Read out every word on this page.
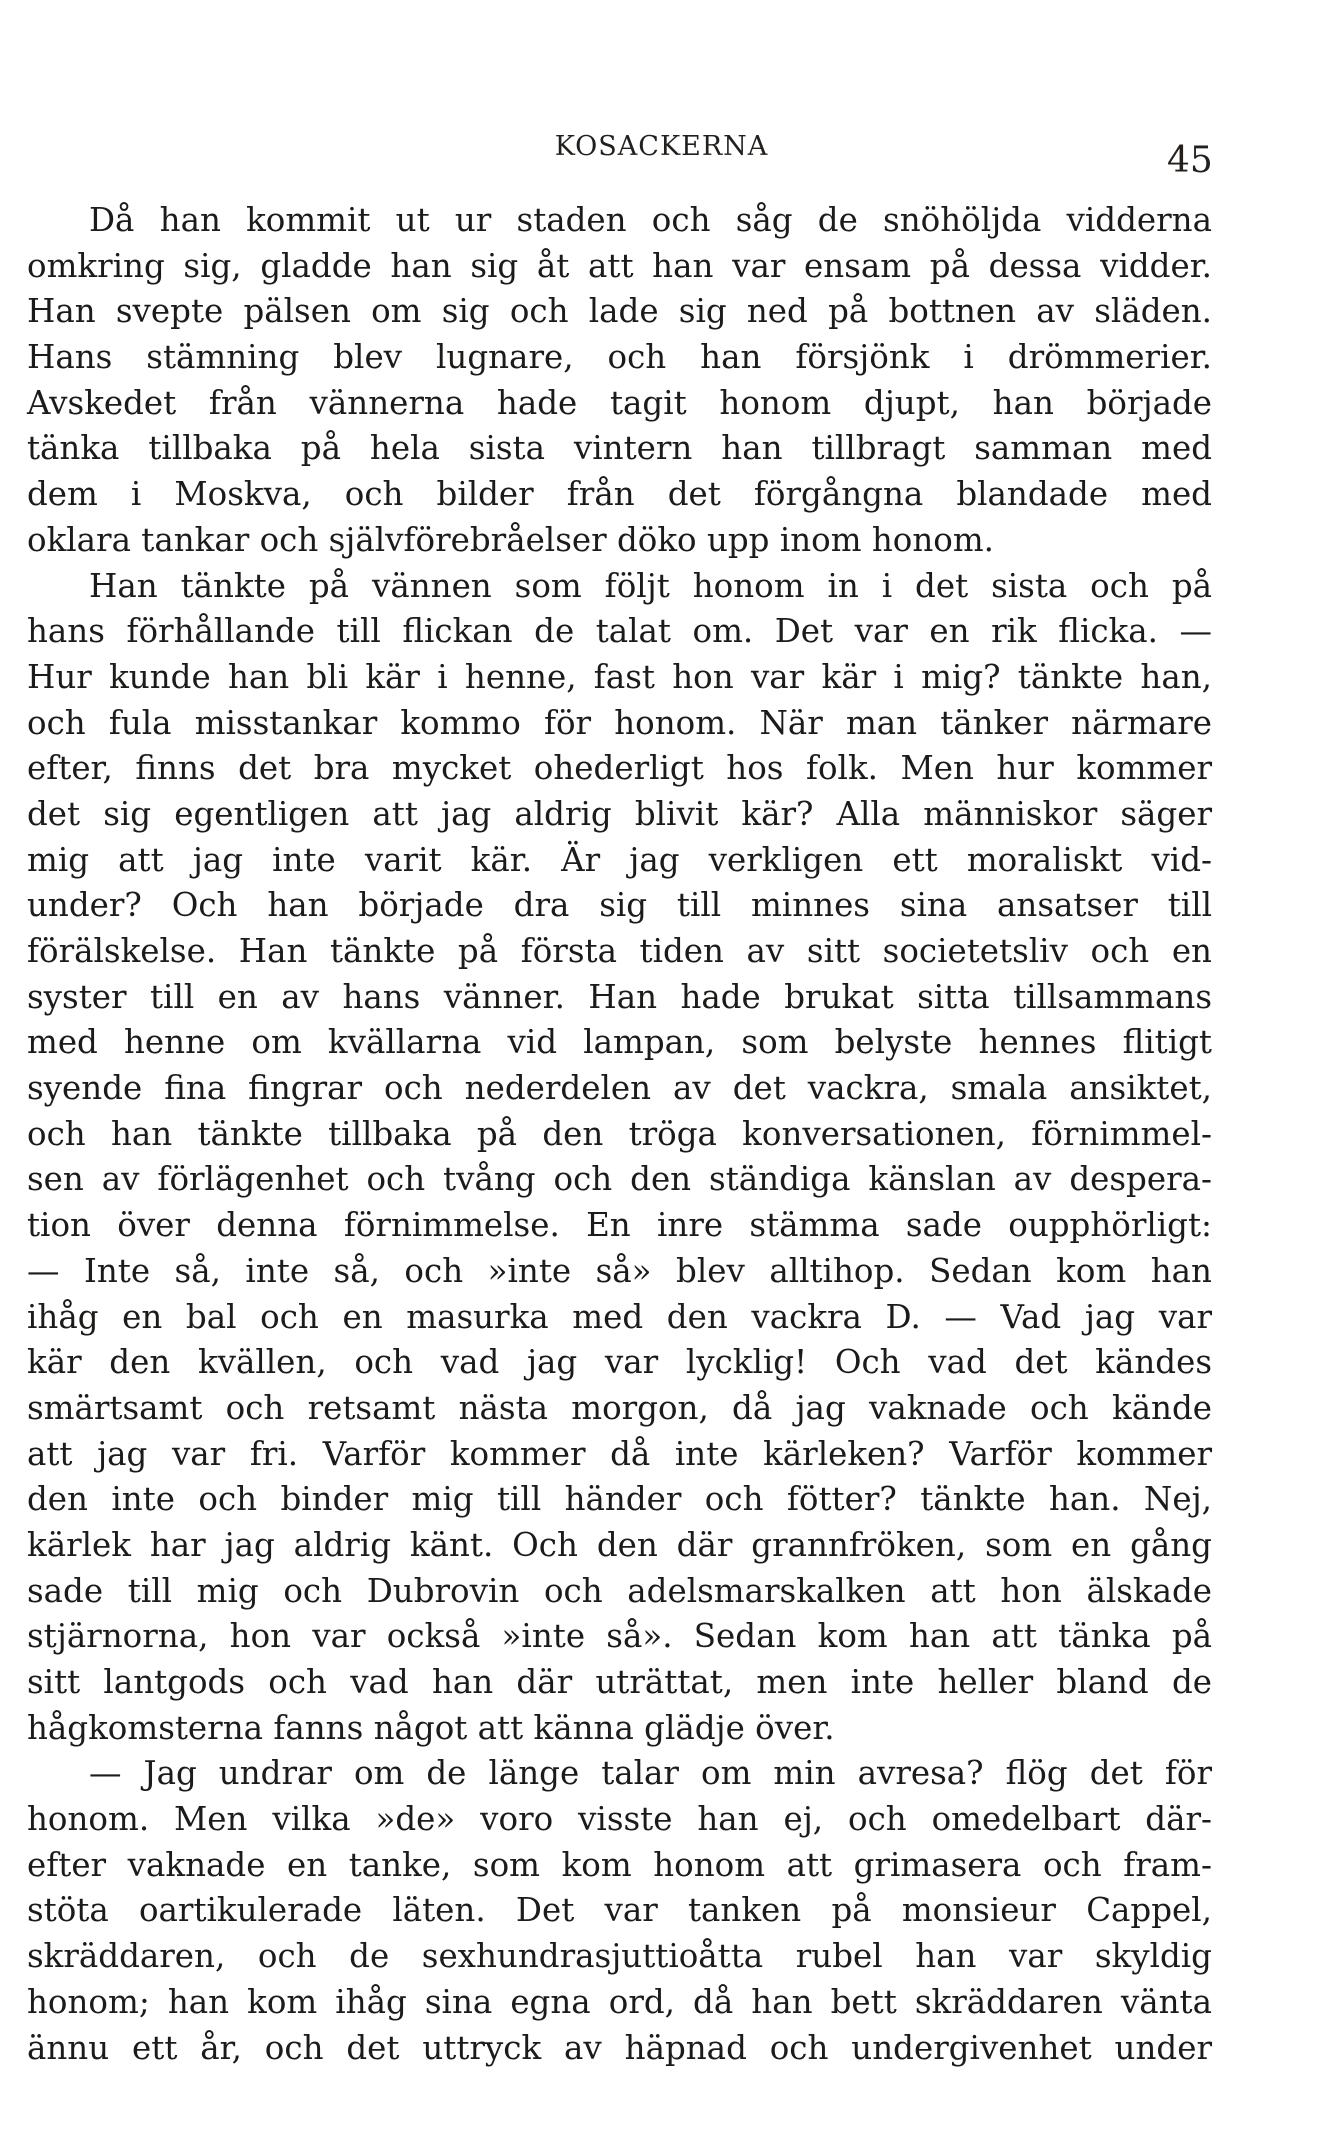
KOSACKERNA	45
Då han kommit ut ur staden och såg de snöhöljda vidderna
omkring sig, gladde han sig åt att han var ensam på dessa vidder.
Han svepte pälsen om sig och lade sig ned på bottnen av släden.
Hans stämning blev lugnare, och han försjönk i drömmerier.
Avskedet från vännerna hade tagit honom djupt, han började
tänka tillbaka på hela sista vintern han tillbragt samman med
dem i Moskva, och bilder från det förgångna blandade med
oklara tankar och självförebråelser döko upp inom honom.
Han tänkte på vännen som följt honom in i det sista och på
hans förhållande till flickan de talat om. Det var en rik flicka. —
Hur kunde han bli kär i henne, fast hon var kär i mig? tänkte han,
och fula misstankar kommo för honom. När man tänker närmare
efter, finns det bra mycket ohederligt hos folk. Men hur kommer
det sig egentligen att jag aldrig blivit kär? Alla människor säger
mig att jag inte varit kär. Är jag verkligen ett moraliskt vid-
under? Och han började dra sig till minnes sina ansatser till
förälskelse. Han tänkte på första tiden av sitt societetsliv och en
syster till en av hans vänner. Han hade brukat sitta tillsammans
med henne om kvällarna vid lampan, som belyste hennes flitigt
syende fina fingrar och nederdelen av det vackra, smala ansiktet,
och han tänkte tillbaka på den tröga konversationen, förnimmel-
sen av förlägenhet och tvång och den ständiga känslan av despera-
tion över denna förnimmelse. En inre stämma sade oupphörligt:
— Inte så, inte så, och »inte så» blev alltihop. Sedan kom han
ihåg en bal och en masurka med den vackra D. — Vad jag var
kär den kvällen, och vad jag var lycklig! Och vad det kändes
smärtsamt och retsamt nästa morgon, då jag vaknade och kände
att jag var fri. Varför kommer då inte kärleken? Varför kommer
den inte och binder mig till händer och fötter? tänkte han. Nej,
kärlek har jag aldrig känt. Och den där grannfröken, som en gång
sade till mig och Dubrovin och adelsmarskalken att hon älskade
stjärnorna, hon var också »inte så». Sedan kom han att tänka på
sitt lantgods och vad han där uträttat, men inte heller bland de
hågkomsterna fanns något att känna glädje över.
— Jag undrar om de länge talar om min avresa? flög det för
honom. Men vilka »de» voro visste han ej, och omedelbart där-
efter vaknade en tanke, som kom honom att grimasera och fram-
stöta oartikulerade läten. Det var tanken på monsieur Cappel,
skräddaren, och de sexhundrasjuttioåtta rubel han var skyldig
honom; han kom ihåg sina egna ord, då han bett skräddaren vänta
ännu ett år, och det uttryck av häpnad och undergivenhet under
